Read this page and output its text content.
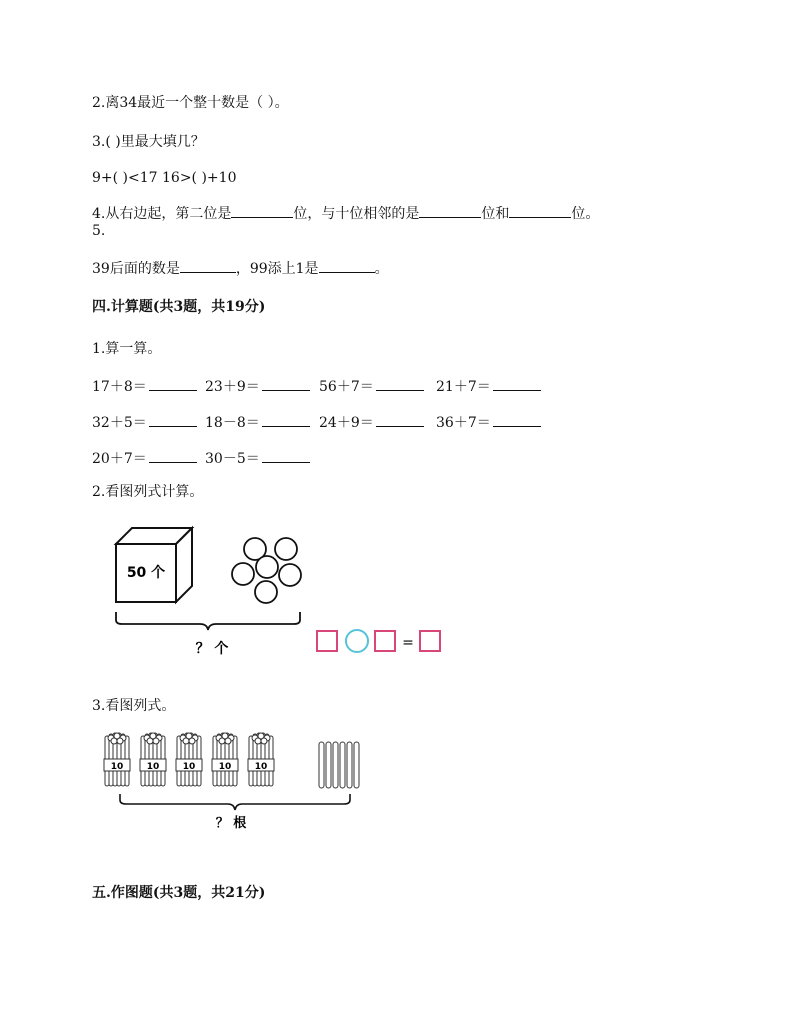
2.离34最近一个整十数是（ ）。
3.( )里最大填几？
9+( )<17 16>( )+10
4.从右边起，第二位是	位，与十位相邻的是	位和	位。
5.
39后面的数是	，99添上1是	。
四.计算题(共3题，共19分)
1.算一算。
17＋8＝	23＋9＝	56＋7＝	21＋7＝
32＋5＝	18－8＝	24＋9＝	36＋7＝
20＋7＝	30－5＝
2.看图列式计算。
50 个
？ 个	=
3.看图列式。
10	10	10	10	10
？ 根
五.作图题(共3题，共21分)
